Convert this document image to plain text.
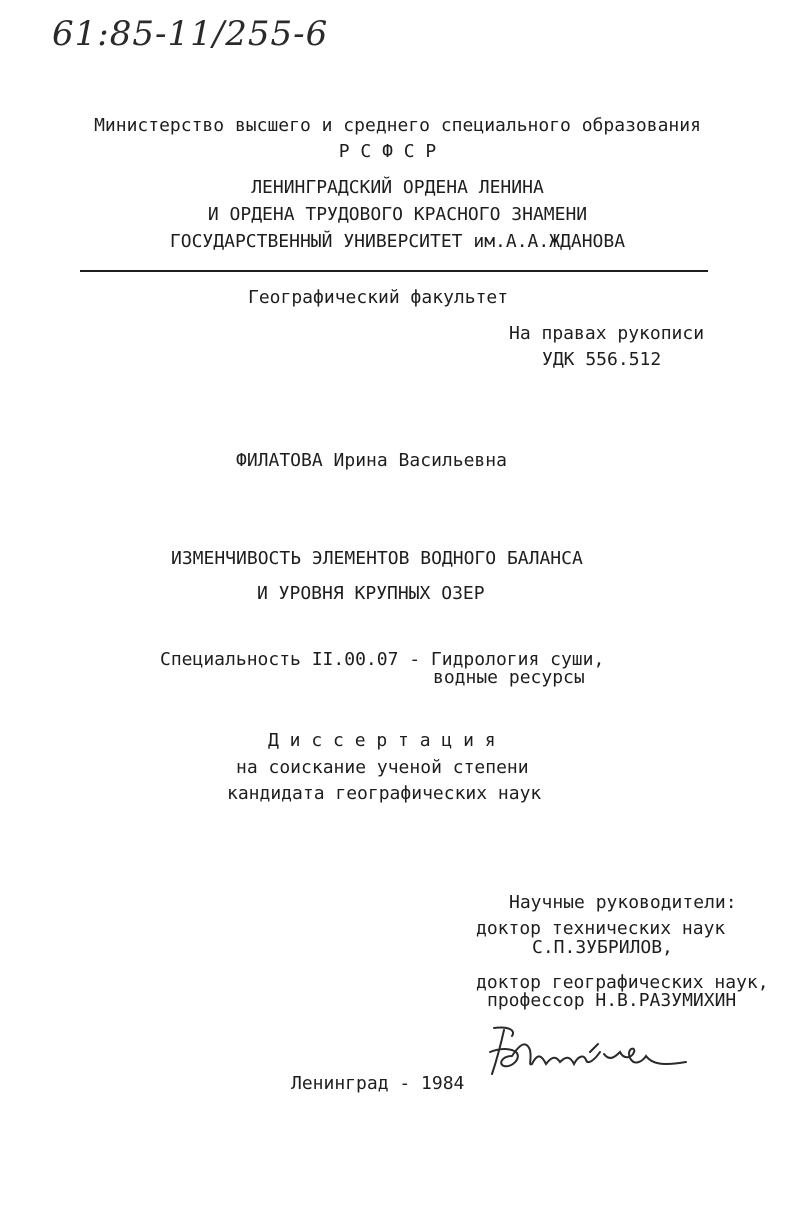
61:85-11/255-6
Министерство высшего и среднего специального образования
Р С Ф С Р
ЛЕНИНГРАДСКИЙ ОРДЕНА ЛЕНИНА
И ОРДЕНА ТРУДОВОГО КРАСНОГО ЗНАМЕНИ
ГОСУДАРСТВЕННЫЙ УНИВЕРСИТЕТ им.А.А.ЖДАНОВА
Географический факультет
На правах рукописи
УДК 556.512
ФИЛАТОВА Ирина Васильевна
ИЗМЕНЧИВОСТЬ ЭЛЕМЕНТОВ ВОДНОГО БАЛАНСА
И УРОВНЯ КРУПНЫХ ОЗЕР
Специальность II.00.07 - Гидрология суши,
водные ресурсы
Д и с с е р т а ц и я
на соискание ученой степени
кандидата географических наук
Научные руководители:
доктор технических наук
С.П.ЗУБРИЛОВ,
доктор географических наук,
профессор Н.В.РАЗУМИХИН
Филатова
Ленинград - 1984
